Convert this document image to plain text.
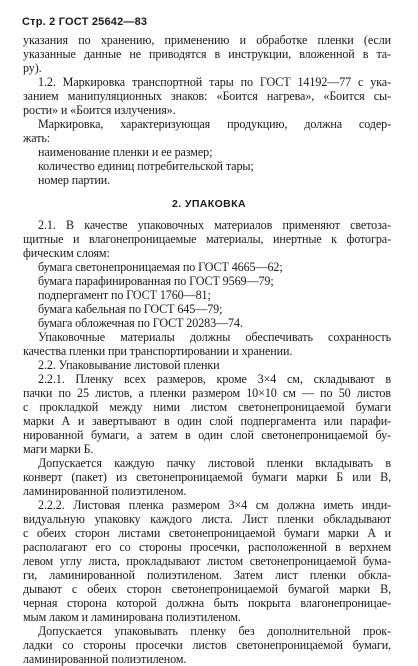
Стр. 2 ГОСТ 25642—83
указания по хранению, применению и обработке пленки (если
указанные данные не приводятся в инструкции, вложенной в та-
ру).
1.2. Маркировка транспортной тары по ГОСТ 14192—77 с ука-
занием манипуляционных знаков: «Боится нагрева», «Боится сы-
рости» и «Боится излучения».
Маркировка, характеризующая продукцию, должна содер-
жать:
наименование пленки и ее размер;
количество единиц потребительской тары;
номер партии.
2. УПАКОВКА
2.1. В качестве упаковочных материалов применяют светоза-
щитные и влагонепроницаемые материалы, инертные к фотогра-
фическим слоям:
бумага светонепроницаемая по ГОСТ 4665—62;
бумага парафинированная по ГОСТ 9569—79;
подпергамент по ГОСТ 1760—81;
бумага кабельная по ГОСТ 645—79;
бумага обложечная по ГОСТ 20283—74.
Упаковочные материалы должны обеспечивать сохранность
качества пленки при транспортировании и хранении.
2.2. Упаковывание листовой пленки
2.2.1. Пленку всех размеров, кроме 3×4 см, складывают в
пачки по 25 листов, а пленки размером 10×10 см — по 50 листов
с прокладкой между ними листом светонепроницаемой бумаги
марки А и завертывают в один слой подпергамента или парафи-
нированной бумаги, а затем в один слой светонепроницаемой бу-
маги марки Б.
Допускается каждую пачку листовой пленки вкладывать в
конверт (пакет) из светонепроницаемой бумаги марки Б или В,
ламинированной полиэтиленом.
2.2.2. Листовая пленка размером 3×4 см должна иметь инди-
видуальную упаковку каждого листа. Лист пленки обкладывают
с обеих сторон листами светонепроницаемой бумаги марки А и
располагают его со стороны просечки, расположенной в верхнем
левом углу листа, прокладывают листом светонепроницаемой бума-
ги, ламинированной полиэтиленом. Затем лист пленки обкла-
дывают с обеих сторон светонепроницаемой бумагой марки В,
черная сторона которой должна быть покрыта влагонепроницае-
мым лаком и ламинирована полиэтиленом.
Допускается упаковывать пленку без дополнительной прок-
ладки со стороны просечки листов светонепроницаемой бумаги,
ламинированной полиэтиленом.
